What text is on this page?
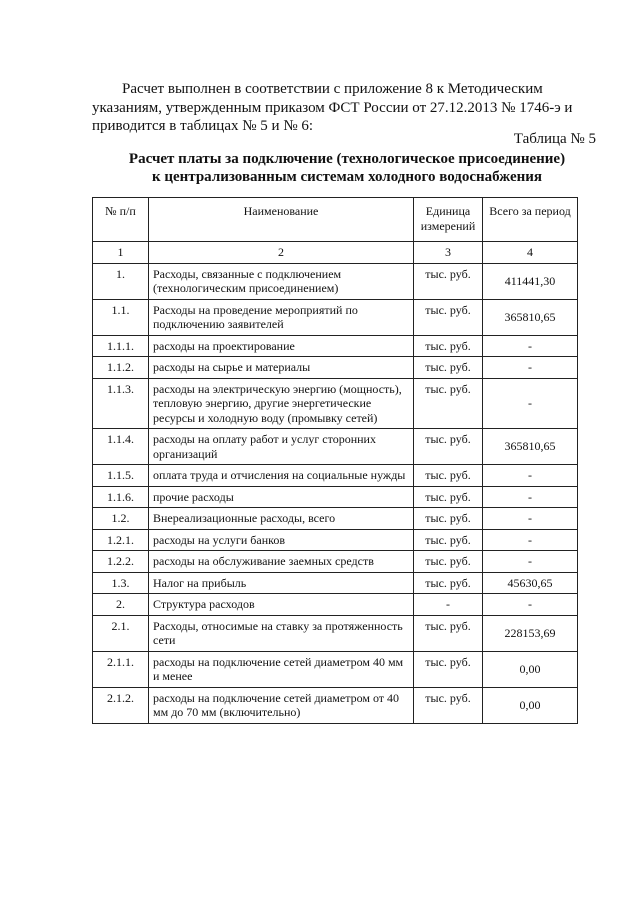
Расчет выполнен в соответствии с приложение 8 к Методическим указаниям, утвержденным приказом ФСТ России от 27.12.2013 № 1746-э и приводится в таблицах № 5 и № 6:
Таблица № 5
Расчет платы за подключение (технологическое присоединение)
к централизованным системам холодного водоснабжения
№ п/п	Наименование	Единица измерений	Всего за период
1	2	3	4
1.	Расходы, связанные с подключением (технологическим присоединением)	тыс. руб.	411441,30
1.1.	Расходы на проведение мероприятий по подключению заявителей	тыс. руб.	365810,65
1.1.1.	расходы на проектирование	тыс. руб.	-
1.1.2.	расходы на сырье и материалы	тыс. руб.	-
1.1.3.	расходы на электрическую энергию (мощность), тепловую энергию, другие энергетические ресурсы и холодную воду (промывку сетей)	тыс. руб.	-
1.1.4.	расходы на оплату работ и услуг сторонних организаций	тыс. руб.	365810,65
1.1.5.	оплата труда и отчисления на социальные нужды	тыс. руб.	-
1.1.6.	прочие расходы	тыс. руб.	-
1.2.	Внереализационные расходы, всего	тыс. руб.	-
1.2.1.	расходы на услуги банков	тыс. руб.	-
1.2.2.	расходы на обслуживание заемных средств	тыс. руб.	-
1.3.	Налог на прибыль	тыс. руб.	45630,65
2.	Структура расходов	-	-
2.1.	Расходы, относимые на ставку за протяженность сети	тыс. руб.	228153,69
2.1.1.	расходы на подключение сетей диаметром 40 мм и менее	тыс. руб.	0,00
2.1.2.	расходы на подключение сетей диаметром от 40 мм до 70 мм (включительно)	тыс. руб.	0,00
